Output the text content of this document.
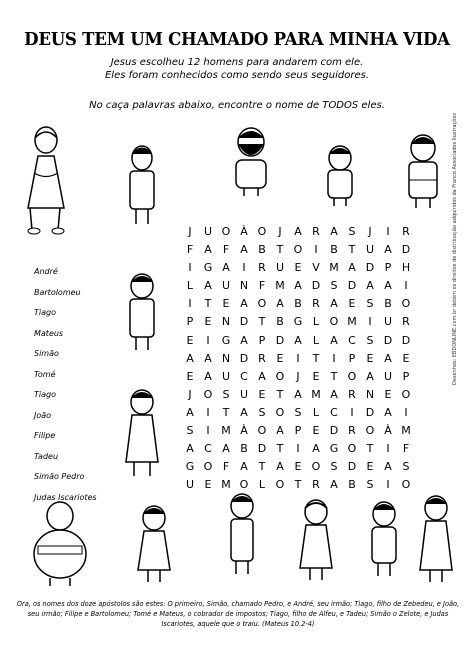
DEUS TEM UM CHAMADO PARA MINHA VIDA
Jesus escolheu 12 homens para andarem com ele.
Eles foram conhecidos como sendo seus seguidores.
No caça palavras abaixo, encontre o nome de TODOS eles.
André
Bartolomeu
Tiago
Mateus
Simão
Tomé
Tiago
João
Filipe
Tadeu
Simão Pedro
Judas Iscariotes
J	U O À O	J	A R A S	J	I	R
F	A	F	A B T O	I	B T U A D
I	G A	I	R U E V M A D P H
L	A U N F M A D S D A A	I
I	T	E A O A B R A E	S B O
P	E N D T B G L O M	I	U R
E	I	G A P D A	L	A C S D D
A A N D R E	I	T	I	P	E A E
E A U C A O	J	E	T O A U P
J	O S U E	T A M A R N E O
A	I	T A S O S	L	C	I	D A	I
S	I	M À O A P	E D R O À M
A C A B D T	I	A G O T	I	F
G O F	A T A E O S D E A S
U E M O L O T R A B S	I	O
Desenhos: EBDONLINE.com.br detém os direitos de distribuição adquiridos da Franco Associados Ilustrações
Ora, os nomes dos doze apóstolos são estes: O primeiro, Simão, chamado Pedro, e André, seu irmão; Tiago, filho de Zebedeu, e João, seu irmão; Filipe e Bartolomeu; Tomé e Mateus, o cobrador de impostos; Tiago, filho de Alfeu, e Tadeu; Simão o Zelote, e Judas Iscariotes, aquele que o traiu. (Mateus 10.2-4)
